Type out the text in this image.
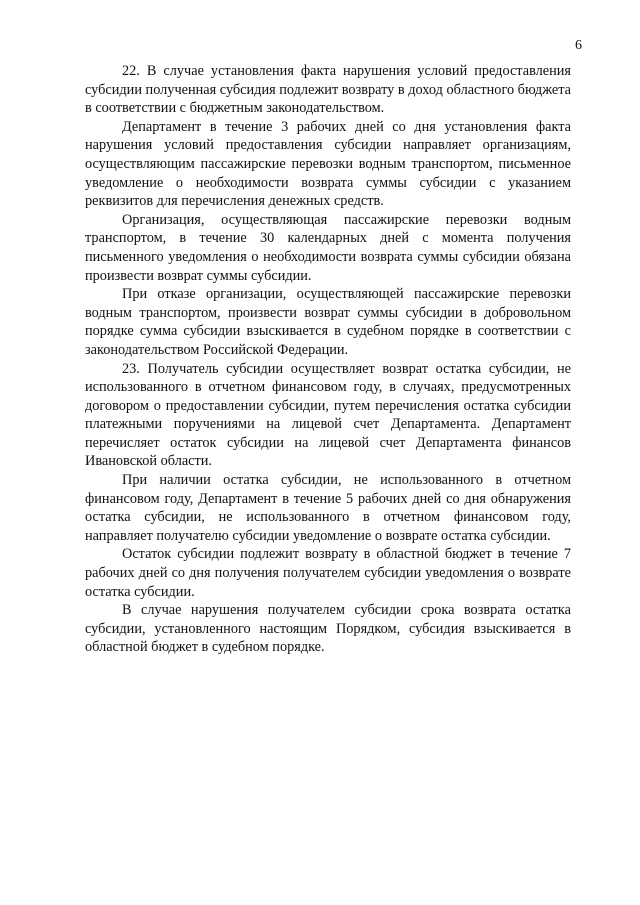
6

22. В случае установления факта нарушения условий предоставления субсидии полученная субсидия подлежит возврату в доход областного бюджета в соответствии с бюджетным законодательством.

Департамент в течение 3 рабочих дней со дня установления факта нарушения условий предоставления субсидии направляет организациям, осуществляющим пассажирские перевозки водным транспортом, письменное уведомление о необходимости возврата суммы субсидии с указанием реквизитов для перечисления денежных средств.

Организация, осуществляющая пассажирские перевозки водным транспортом, в течение 30 календарных дней с момента получения письменного уведомления о необходимости возврата суммы субсидии обязана произвести возврат суммы субсидии.

При отказе организации, осуществляющей пассажирские перевозки водным транспортом, произвести возврат суммы субсидии в добровольном порядке сумма субсидии взыскивается в судебном порядке в соответствии с законодательством Российской Федерации.

23. Получатель субсидии осуществляет возврат остатка субсидии, не использованного в отчетном финансовом году, в случаях, предусмотренных договором о предоставлении субсидии, путем перечисления остатка субсидии платежными поручениями на лицевой счет Департамента. Департамент перечисляет остаток субсидии на лицевой счет Департамента финансов Ивановской области.

При наличии остатка субсидии, не использованного в отчетном финансовом году, Департамент в течение 5 рабочих дней со дня обнаружения остатка субсидии, не использованного в отчетном финансовом году, направляет получателю субсидии уведомление о возврате остатка субсидии.

Остаток субсидии подлежит возврату в областной бюджет в течение 7 рабочих дней со дня получения получателем субсидии уведомления о возврате остатка субсидии.

В случае нарушения получателем субсидии срока возврата остатка субсидии, установленного настоящим Порядком, субсидия взыскивается в областной бюджет в судебном порядке.
